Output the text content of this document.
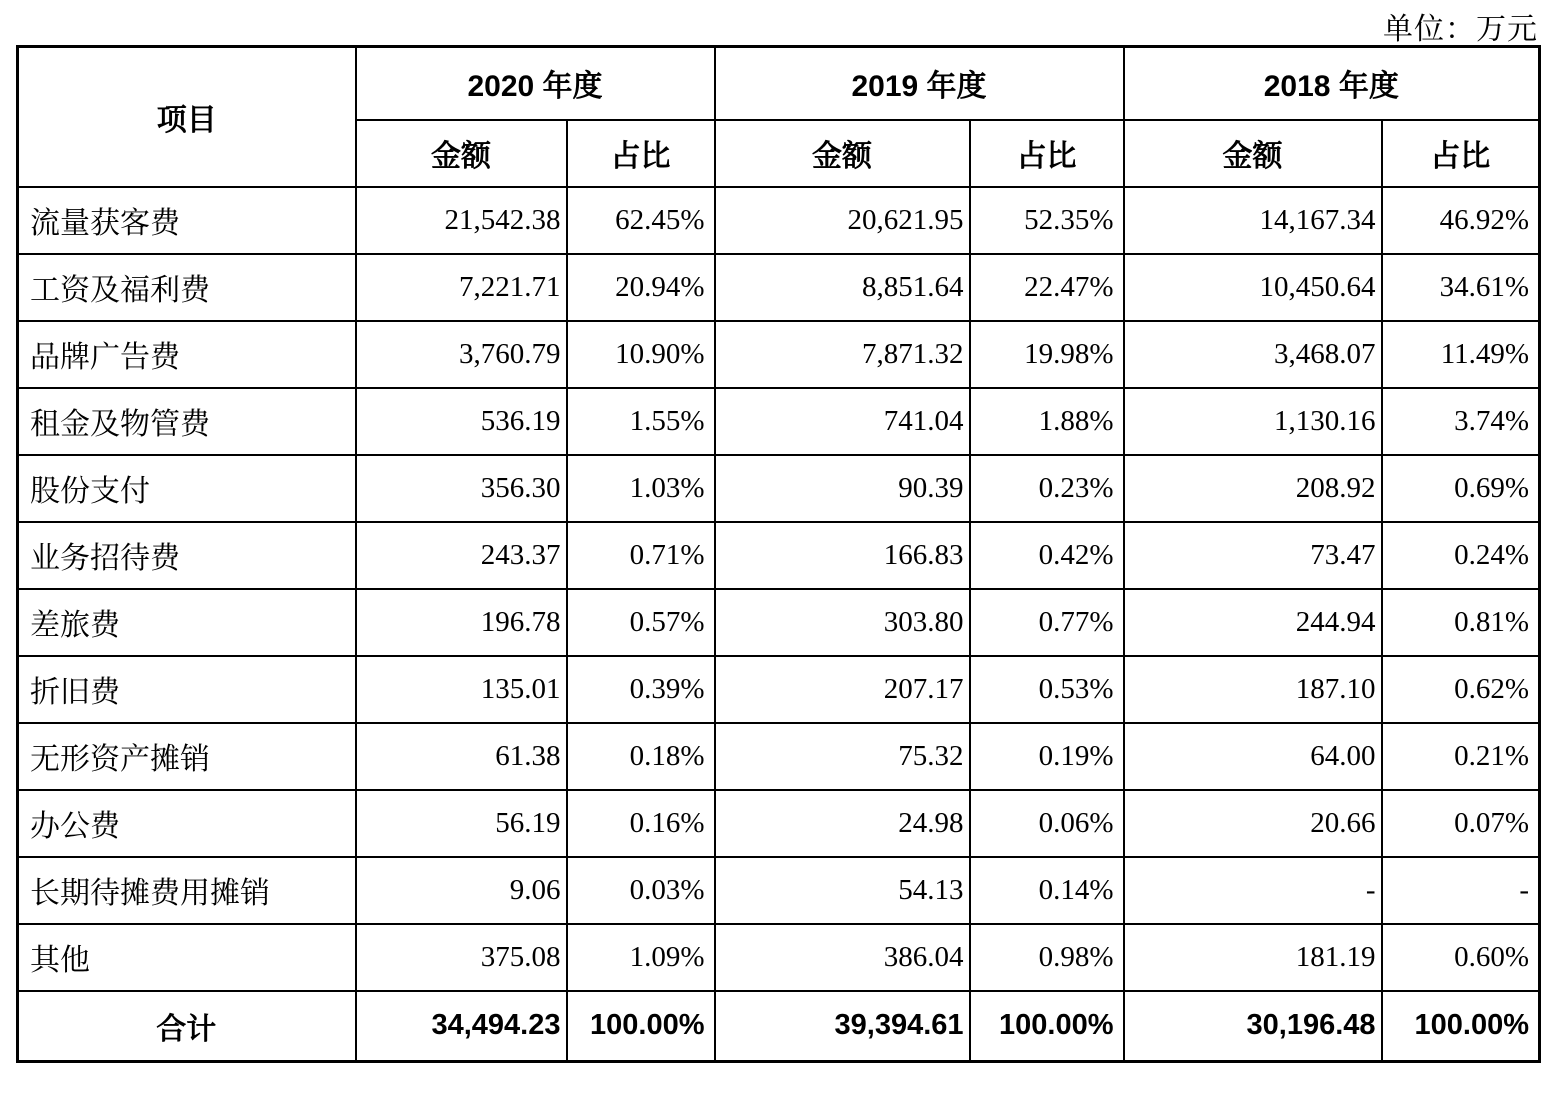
单位：万元
项目	2020 年度		2019 年度		2018 年度	
	金额	占比	金额	占比	金额	占比
流量获客费	21,542.38	62.45%	20,621.95	52.35%	14,167.34	46.92%
工资及福利费	7,221.71	20.94%	8,851.64	22.47%	10,450.64	34.61%
品牌广告费	3,760.79	10.90%	7,871.32	19.98%	3,468.07	11.49%
租金及物管费	536.19	1.55%	741.04	1.88%	1,130.16	3.74%
股份支付	356.30	1.03%	90.39	0.23%	208.92	0.69%
业务招待费	243.37	0.71%	166.83	0.42%	73.47	0.24%
差旅费	196.78	0.57%	303.80	0.77%	244.94	0.81%
折旧费	135.01	0.39%	207.17	0.53%	187.10	0.62%
无形资产摊销	61.38	0.18%	75.32	0.19%	64.00	0.21%
办公费	56.19	0.16%	24.98	0.06%	20.66	0.07%
长期待摊费用摊销	9.06	0.03%	54.13	0.14%	-	-
其他	375.08	1.09%	386.04	0.98%	181.19	0.60%
合计	34,494.23	100.00%	39,394.61	100.00%	30,196.48	100.00%
